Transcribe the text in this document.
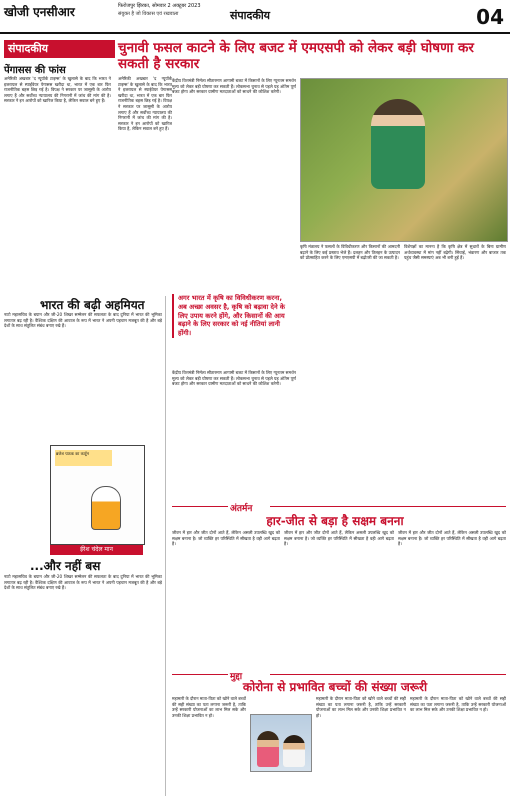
खोजी एनसीआर	फिरोजपुर झिरका, सोमवार 2 अक्टूबर 2023
संयुक्त है जो विकास एवं रखवाला	संपादकीय	04
संपादकीय
पेंगासस की फांस
अमेरिकी अखबार 'द न्यूयॉर्क टाइम्स' के खुलासे के बाद कि भारत ने इजरायल से स्पाईवेयर पेगासस खरीदा था, भारत में एक बार फिर राजनीतिक बहस छिड़ गई है। विपक्ष ने सरकार पर जासूसी के आरोप लगाए हैं और सर्वोच्च न्यायालय की निगरानी में जांच की मांग की है। सरकार ने इन आरोपों को खारिज किया है, लेकिन सवाल बने हुए हैं।
अमेरिकी अखबार 'द न्यूयॉर्क टाइम्स' के खुलासे के बाद कि भारत ने इजरायल से स्पाईवेयर पेगासस खरीदा था, भारत में एक बार फिर राजनीतिक बहस छिड़ गई है। विपक्ष ने सरकार पर जासूसी के आरोप लगाए हैं और सर्वोच्च न्यायालय की निगरानी में जांच की मांग की है। सरकार ने इन आरोपों को खारिज किया है, लेकिन सवाल बने हुए हैं।
भारत की बढ़ी अहमियत
नाटो महासचिव के बयान और जी-20 शिखर सम्मेलन की सफलता के बाद दुनिया में भारत की भूमिका लगातार बढ़ रही है। वैश्विक दक्षिण की आवाज के रूप में भारत ने अपनी पहचान मजबूत की है और बड़े देशों के साथ संतुलित संबंध बनाए रखे हैं।
ब्रजेश पाठक का कार्टून
ईरेश चंदेल मान
...और नहीं बस
नाटो महासचिव के बयान और जी-20 शिखर सम्मेलन की सफलता के बाद दुनिया में भारत की भूमिका लगातार बढ़ रही है। वैश्विक दक्षिण की आवाज के रूप में भारत ने अपनी पहचान मजबूत की है और बड़े देशों के साथ संतुलित संबंध बनाए रखे हैं।
चुनावी फसल काटने के लिए बजट में एमएसपी को लेकर बड़ी घोषणा कर सकती है सरकार
केंद्रीय वित्तमंत्री निर्मला सीतारमण आगामी बजट में किसानों के लिए न्यूनतम समर्थन मूल्य को लेकर बड़ी घोषणा कर सकती हैं। लोकसभा चुनाव से पहले यह अंतिम पूर्ण बजट होगा और सरकार ग्रामीण मतदाताओं को साधने की कोशिश करेगी।
अगर भारत में कृषि का विविधीकरण करना, अब अच्छा अवसर है, कृषि को बढ़ावा देने के लिए उपाय करने होंगे, और किसानों की आय बढ़ाने के लिए सरकार को नई नीतियां लानी होंगी।
केंद्रीय वित्तमंत्री निर्मला सीतारमण आगामी बजट में किसानों के लिए न्यूनतम समर्थन मूल्य को लेकर बड़ी घोषणा कर सकती हैं। लोकसभा चुनाव से पहले यह अंतिम पूर्ण बजट होगा और सरकार ग्रामीण मतदाताओं को साधने की कोशिश करेगी।
कृषि मंत्रालय ने फसलों के विविधीकरण और किसानों की आमदनी बढ़ाने के लिए कई प्रस्ताव भेजे हैं। दलहन और तिलहन के उत्पादन को प्रोत्साहित करने के लिए एमएसपी में बढ़ोतरी की जा सकती है।
विशेषज्ञों का मानना है कि कृषि क्षेत्र में सुधारों के बिना ग्रामीण अर्थव्यवस्था में मांग नहीं बढ़ेगी। सिंचाई, भंडारण और बाजार तक पहुंच जैसी समस्याएं अब भी बनी हुई हैं।
अंतर्मन
हार-जीत से बड़ा है सक्षम बनना
जीवन में हार और जीत दोनों आते हैं, लेकिन असली उपलब्धि खुद को सक्षम बनाना है। जो व्यक्ति हर परिस्थिति में सीखता है वही आगे बढ़ता है।
जीवन में हार और जीत दोनों आते हैं, लेकिन असली उपलब्धि खुद को सक्षम बनाना है। जो व्यक्ति हर परिस्थिति में सीखता है वही आगे बढ़ता है।
जीवन में हार और जीत दोनों आते हैं, लेकिन असली उपलब्धि खुद को सक्षम बनाना है। जो व्यक्ति हर परिस्थिति में सीखता है वही आगे बढ़ता है।
मुद्दा
कोरोना से प्रभावित बच्चों की संख्या जरूरी
महामारी के दौरान माता-पिता को खोने वाले बच्चों की सही संख्या का पता लगाना जरूरी है, ताकि उन्हें सरकारी योजनाओं का लाभ मिल सके और उनकी शिक्षा प्रभावित न हो।
महामारी के दौरान माता-पिता को खोने वाले बच्चों की सही संख्या का पता लगाना जरूरी है, ताकि उन्हें सरकारी योजनाओं का लाभ मिल सके और उनकी शिक्षा प्रभावित न हो।
महामारी के दौरान माता-पिता को खोने वाले बच्चों की सही संख्या का पता लगाना जरूरी है, ताकि उन्हें सरकारी योजनाओं का लाभ मिल सके और उनकी शिक्षा प्रभावित न हो।
